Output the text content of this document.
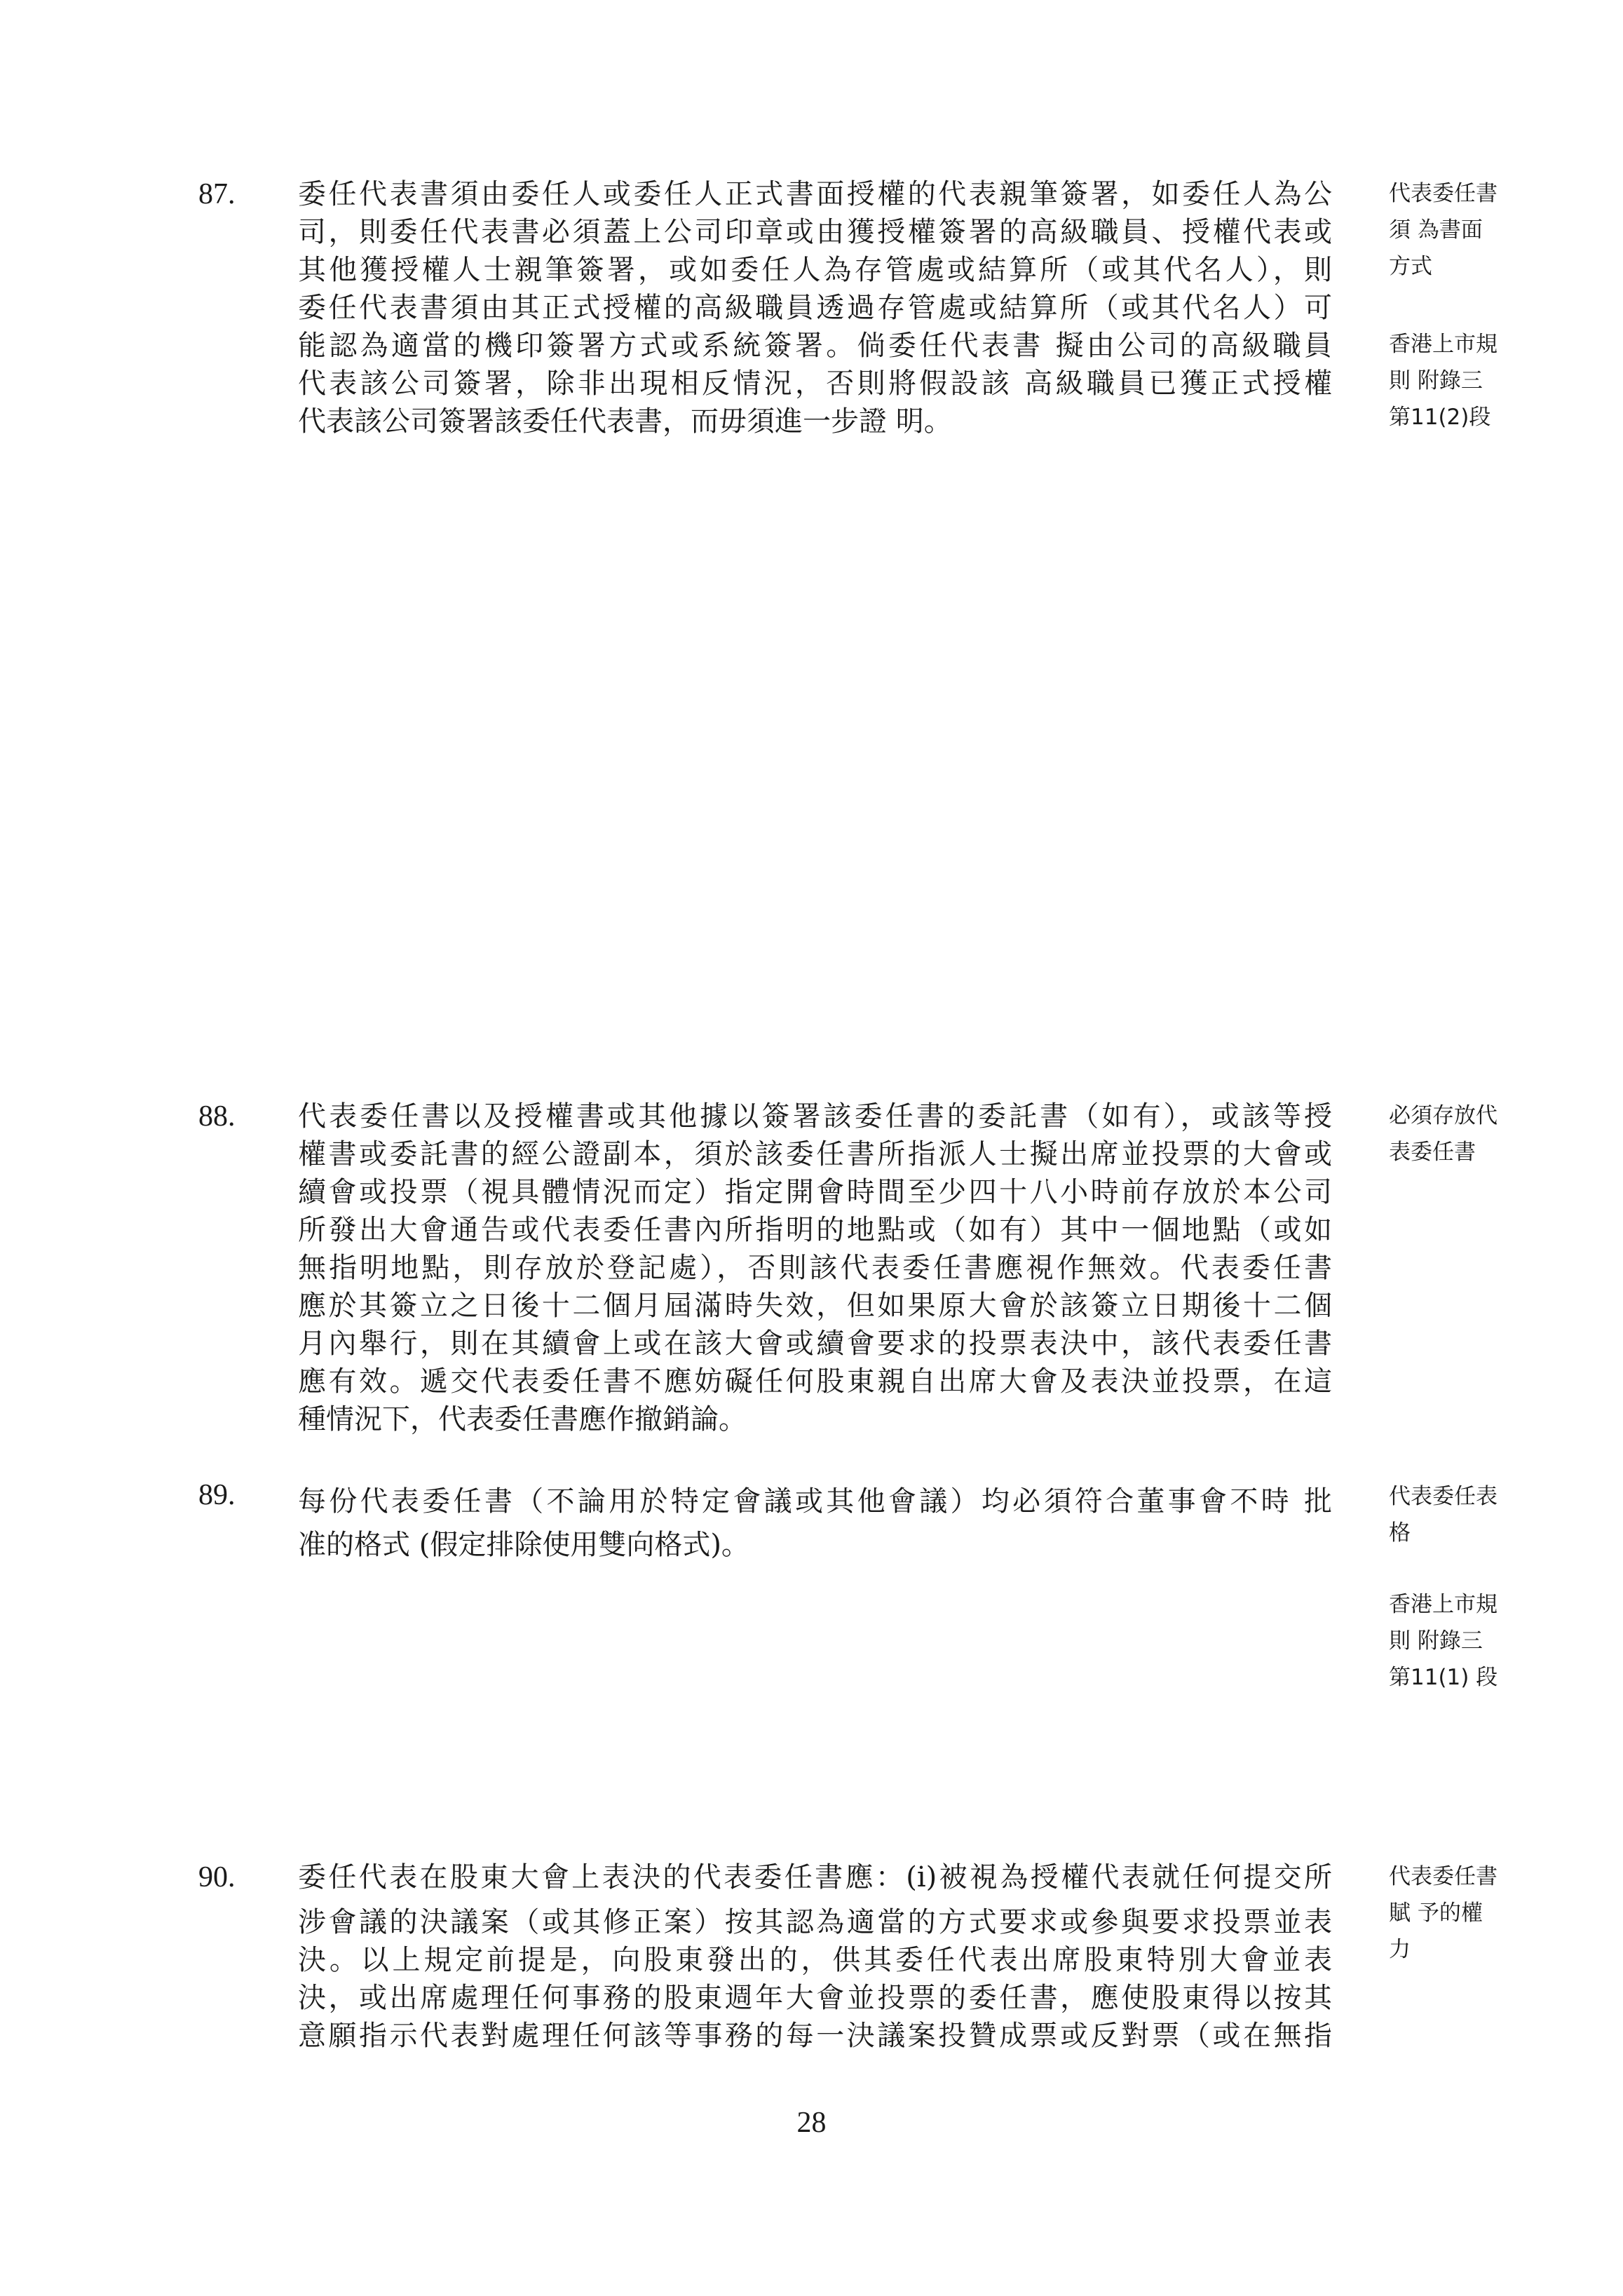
87. 委任代表書須由委任人或委任人正式書面授權的代表親筆簽署，如委任人為公
司，則委任代表書必須蓋上公司印章或由獲授權簽署的高級職員、授權代表或
其他獲授權人士親筆簽署，或如委任人為存管處或結算所（或其代名人），則
委任代表書須由其正式授權的高級職員透過存管處或結算所（或其代名人）可
能認為適當的機印簽署方式或系統簽署。倘委任代表書 擬由公司的高級職員
代表該公司簽署，除非出現相反情況，否則將假設該 高級職員已獲正式授權
代表該公司簽署該委任代表書，而毋須進一步證 明。
代表委任書
須 為書面
方式
香港上市規
則 附錄三
第11(2)段
88. 代表委任書以及授權書或其他據以簽署該委任書的委託書（如有），或該等授
權書或委託書的經公證副本，須於該委任書所指派人士擬出席並投票的大會或
續會或投票（視具體情況而定）指定開會時間至少四十八小時前存放於本公司
所發出大會通告或代表委任書內所指明的地點或（如有）其中一個地點（或如
無指明地點，則存放於登記處），否則該代表委任書應視作無效。代表委任書
應於其簽立之日後十二個月屆滿時失效，但如果原大會於該簽立日期後十二個
月內舉行，則在其續會上或在該大會或續會要求的投票表決中，該代表委任書
應有效。遞交代表委任書不應妨礙任何股東親自出席大會及表決並投票，在這
種情況下，代表委任書應作撤銷論。
必須存放代
表委任書
89. 每份代表委任書（不論用於特定會議或其他會議）均必須符合董事會不時 批
准的格式 (假定排除使用雙向格式)。
代表委任表
格
香港上市規
則 附錄三
第11(1) 段
90. 委任代表在股東大會上表決的代表委任書應：(i)被視為授權代表就任何提交所
涉會議的決議案（或其修正案）按其認為適當的方式要求或參與要求投票並表
決。以上規定前提是，向股東發出的，供其委任代表出席股東特別大會並表
決，或出席處理任何事務的股東週年大會並投票的委任書，應使股東得以按其
意願指示代表對處理任何該等事務的每一決議案投贊成票或反對票（或在無指
代表委任書
賦 予的權
力
28
